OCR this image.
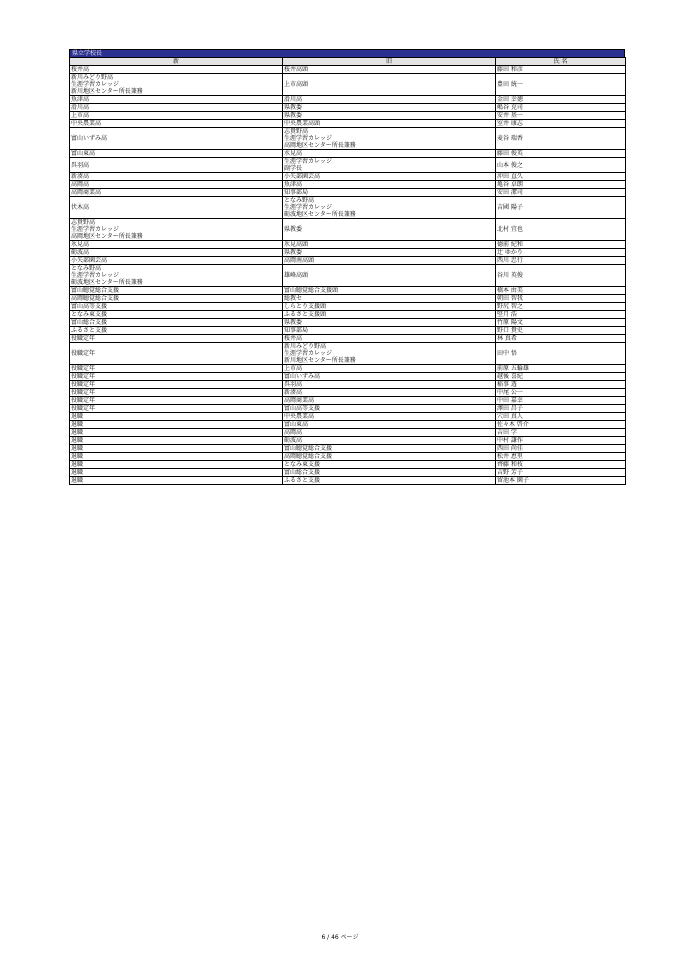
県立学校長
新	旧	氏 名
桜井高	桜井高頭	藤田 和彦
新川みどり野高
生涯学習カレッジ
新川地区センター所長兼務	上市高頭	豊田 統一
魚津高	滑川高	金田 幸徳
滑川高	県教委	嶋谷 克司
上市高	県教委	安井 基一
中央農業高	中央農業高頭	室井 康志
富山いずみ高	志貴野高
生涯学習カレッジ
高岡地区センター所長兼務	麦谷 瑞香
富山東高	水見高	藤田 俊英
呉羽高	生涯学習カレッジ
副学長	山本 俊之
新湊高	小矢部園芸高	沖田 直久
高岡高	魚津高	亀谷 卓朗
高岡商業高	知事部局	安田 潔司
伏木高	となみ野高
生涯学習カレッジ
砺波地区センター所長兼務	吉國 陽子
志貴野高
生涯学習カレッジ
高岡地区センター所長兼務	県教委	北村 宜也
氷見高	氷見高頭	德前 紀和
砺波高	県教委	辻 ゆかり
小矢部園芸高	高岡南高頭	西川 忠行
となみ野高
生涯学習カレッジ
砺波地区センター所長兼務	雄峰高頭	谷川 英俊
富山聴覚総合支援	富山聴覚総合支援頭	橋本 由美
高岡聴覚総合支援	総教セ	朝田 智我
富山高等支援	しらとり支援頭	野尻 智之
となみ東支援	ふるさと支援頭	堅月 浩
富山総合支援	県教委	竹原 陽文
ふるさと支援	知事部局	野口 貴史
役職定年	桜井高	林 真希
役職定年	新川みどり野高
生涯学習カレッジ
新川地区センター所長兼務	田中 悟
役職定年	上市高	前原 五輪雄
役職定年	富山いずみ高	越後 喜紀
役職定年	呉羽高	稲事 透
役職定年	新湊高	中尾 公一
役職定年	高岡商業高	中田 嘉幸
役職定年	富山高等支援	澤田 昌子
退職	中央農業高	穴田 真人
退職	富山東高	佐々木 啓介
退職	高岡高	吉田 学
退職	砺波高	中村 謙作
退職	富山聴覚総合支援	西田 尚佳
退職	高岡聴覚総合支援	松井 恵里
退職	となみ東支援	齊藤 和枝
退職	富山総合支援	吉野 芳子
退職	ふるさと支援	留池本 園子
6 / 46 ページ
